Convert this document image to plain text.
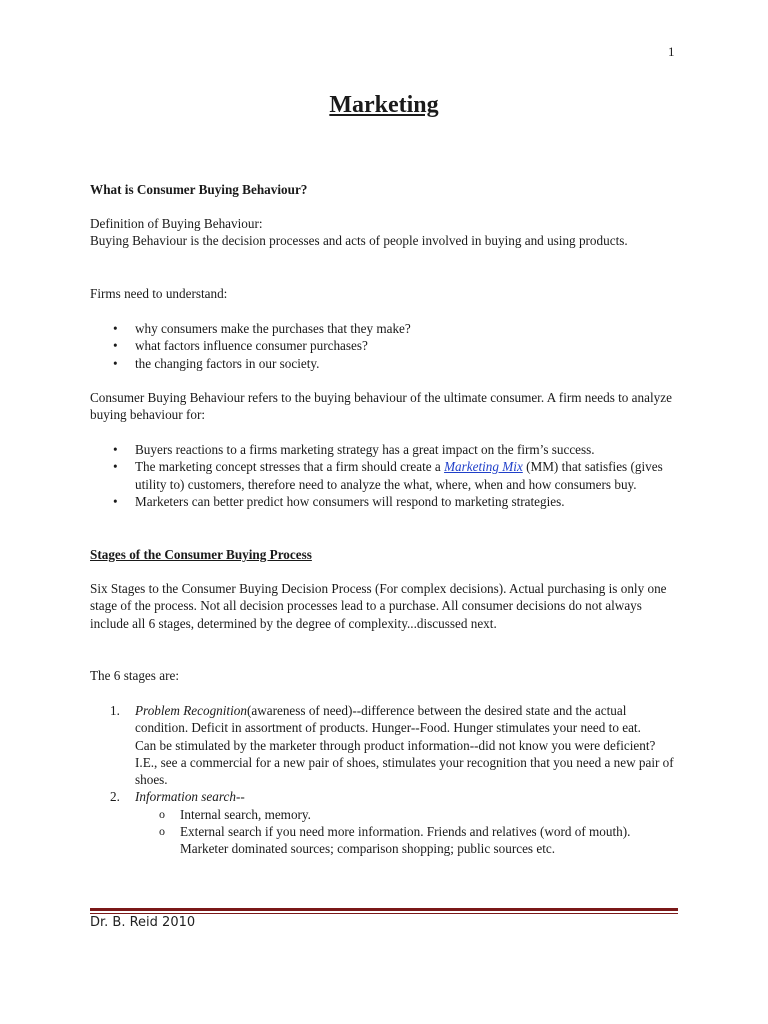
1
Marketing
What is Consumer Buying Behaviour?

Definition of Buying Behaviour:

Buying Behaviour is the decision processes and acts of people involved in buying and using products.

Firms need to understand:
• why consumers make the purchases that they make?
• what factors influence consumer purchases?
• the changing factors in our society.

Consumer Buying Behaviour refers to the buying behaviour of the ultimate consumer. A firm needs to analyze buying behaviour for:

• Buyers reactions to a firms marketing strategy has a great impact on the firm’s success.
• The marketing concept stresses that a firm should create a Marketing Mix (MM) that satisfies (gives utility to) customers, therefore need to analyze the what, where, when and how consumers buy.
• Marketers can better predict how consumers will respond to marketing strategies.
Stages of the Consumer Buying Process

Six Stages to the Consumer Buying Decision Process (For complex decisions). Actual purchasing is only one stage of the process. Not all decision processes lead to a purchase. All consumer decisions do not always include all 6 stages, determined by the degree of complexity...discussed next.

The 6 stages are:
1. Problem Recognition(awareness of need)--difference between the desired state and the actual condition. Deficit in assortment of products. Hunger--Food. Hunger stimulates your need to eat.
Can be stimulated by the marketer through product information--did not know you were deficient? I.E., see a commercial for a new pair of shoes, stimulates your recognition that you need a new pair of shoes.
2. Information search--
o Internal search, memory.
o External search if you need more information. Friends and relatives (word of mouth). Marketer dominated sources; comparison shopping; public sources etc.
Dr. B. Reid 2010
